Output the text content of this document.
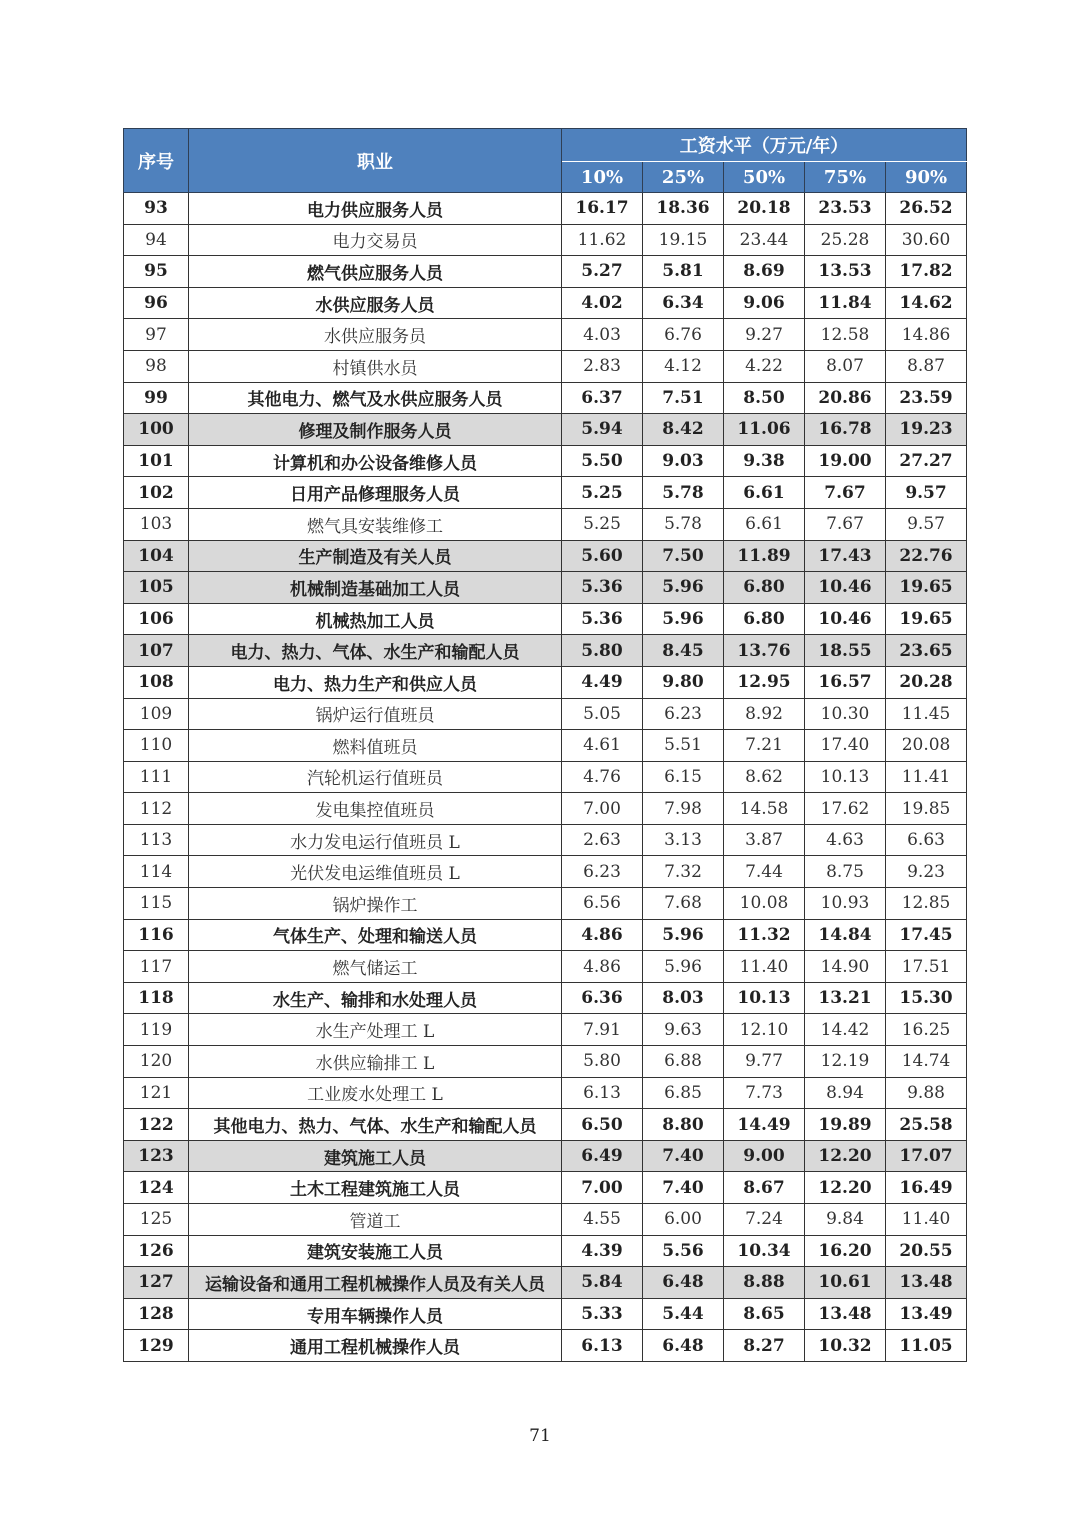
序号	职业	工资水平（万元/年）				
		10%	25%	50%	75%	90%
93	电力供应服务人员	16.17	18.36	20.18	23.53	26.52
94	电力交易员	11.62	19.15	23.44	25.28	30.60
95	燃气供应服务人员	5.27	5.81	8.69	13.53	17.82
96	水供应服务人员	4.02	6.34	9.06	11.84	14.62
97	水供应服务员	4.03	6.76	9.27	12.58	14.86
98	村镇供水员	2.83	4.12	4.22	8.07	8.87
99	其他电力、燃气及水供应服务人员	6.37	7.51	8.50	20.86	23.59
100	修理及制作服务人员	5.94	8.42	11.06	16.78	19.23
101	计算机和办公设备维修人员	5.50	9.03	9.38	19.00	27.27
102	日用产品修理服务人员	5.25	5.78	6.61	7.67	9.57
103	燃气具安装维修工	5.25	5.78	6.61	7.67	9.57
104	生产制造及有关人员	5.60	7.50	11.89	17.43	22.76
105	机械制造基础加工人员	5.36	5.96	6.80	10.46	19.65
106	机械热加工人员	5.36	5.96	6.80	10.46	19.65
107	电力、热力、气体、水生产和输配人员	5.80	8.45	13.76	18.55	23.65
108	电力、热力生产和供应人员	4.49	9.80	12.95	16.57	20.28
109	锅炉运行值班员	5.05	6.23	8.92	10.30	11.45
110	燃料值班员	4.61	5.51	7.21	17.40	20.08
111	汽轮机运行值班员	4.76	6.15	8.62	10.13	11.41
112	发电集控值班员	7.00	7.98	14.58	17.62	19.85
113	水力发电运行值班员 L	2.63	3.13	3.87	4.63	6.63
114	光伏发电运维值班员 L	6.23	7.32	7.44	8.75	9.23
115	锅炉操作工	6.56	7.68	10.08	10.93	12.85
116	气体生产、处理和输送人员	4.86	5.96	11.32	14.84	17.45
117	燃气储运工	4.86	5.96	11.40	14.90	17.51
118	水生产、输排和水处理人员	6.36	8.03	10.13	13.21	15.30
119	水生产处理工 L	7.91	9.63	12.10	14.42	16.25
120	水供应输排工 L	5.80	6.88	9.77	12.19	14.74
121	工业废水处理工 L	6.13	6.85	7.73	8.94	9.88
122	其他电力、热力、气体、水生产和输配人员	6.50	8.80	14.49	19.89	25.58
123	建筑施工人员	6.49	7.40	9.00	12.20	17.07
124	土木工程建筑施工人员	7.00	7.40	8.67	12.20	16.49
125	管道工	4.55	6.00	7.24	9.84	11.40
126	建筑安装施工人员	4.39	5.56	10.34	16.20	20.55
127	运输设备和通用工程机械操作人员及有关人员	5.84	6.48	8.88	10.61	13.48
128	专用车辆操作人员	5.33	5.44	8.65	13.48	13.49
129	通用工程机械操作人员	6.13	6.48	8.27	10.32	11.05
71
